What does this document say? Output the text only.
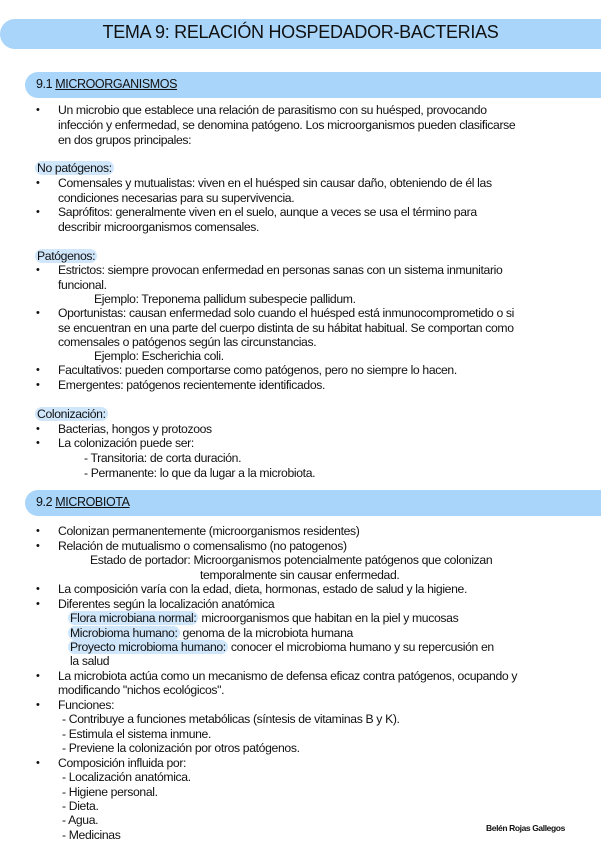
TEMA 9: RELACIÓN HOSPEDADOR-BACTERIAS
9.1 MICROORGANISMOS
• Un microbio que establece una relación de parasitismo con su huésped, provocando
infección y enfermedad, se denomina patógeno. Los microorganismos pueden clasificarse
en dos grupos principales:
No patógenos:
• Comensales y mutualistas: viven en el huésped sin causar daño, obteniendo de él las
condiciones necesarias para su supervivencia.
• Saprófitos: generalmente viven en el suelo, aunque a veces se usa el término para
describir microorganismos comensales.
Patógenos:
• Estrictos: siempre provocan enfermedad en personas sanas con un sistema inmunitario
funcional.
Ejemplo: Treponema pallidum subespecie pallidum.
• Oportunistas: causan enfermedad solo cuando el huésped está inmunocomprometido o si
se encuentran en una parte del cuerpo distinta de su hábitat habitual. Se comportan como
comensales o patógenos según las circunstancias.
Ejemplo: Escherichia coli.
• Facultativos: pueden comportarse como patógenos, pero no siempre lo hacen.
• Emergentes: patógenos recientemente identificados.
Colonización:
• Bacterias, hongos y protozoos
• La colonización puede ser:
- Transitoria: de corta duración.
- Permanente: lo que da lugar a la microbiota.
9.2 MICROBIOTA
• Colonizan permanentemente (microorganismos residentes)
• Relación de mutualismo o comensalismo (no patogenos)
Estado de portador: Microorganismos potencialmente patógenos que colonizan
temporalmente sin causar enfermedad.
• La composición varía con la edad, dieta, hormonas, estado de salud y la higiene.
• Diferentes según la localización anatómica
Flora microbiana normal: microorganismos que habitan en la piel y mucosas
Microbioma humano: genoma de la microbiota humana
Proyecto microbioma humano: conocer el microbioma humano y su repercusión en
la salud
• La microbiota actúa como un mecanismo de defensa eficaz contra patógenos, ocupando y
modificando "nichos ecológicos".
• Funciones:
- Contribuye a funciones metabólicas (síntesis de vitaminas B y K).
- Estimula el sistema inmune.
- Previene la colonización por otros patógenos.
• Composición influida por:
- Localización anatómica.
- Higiene personal.
- Dieta.
- Agua.
- Medicinas	Belén Rojas Gallegos
